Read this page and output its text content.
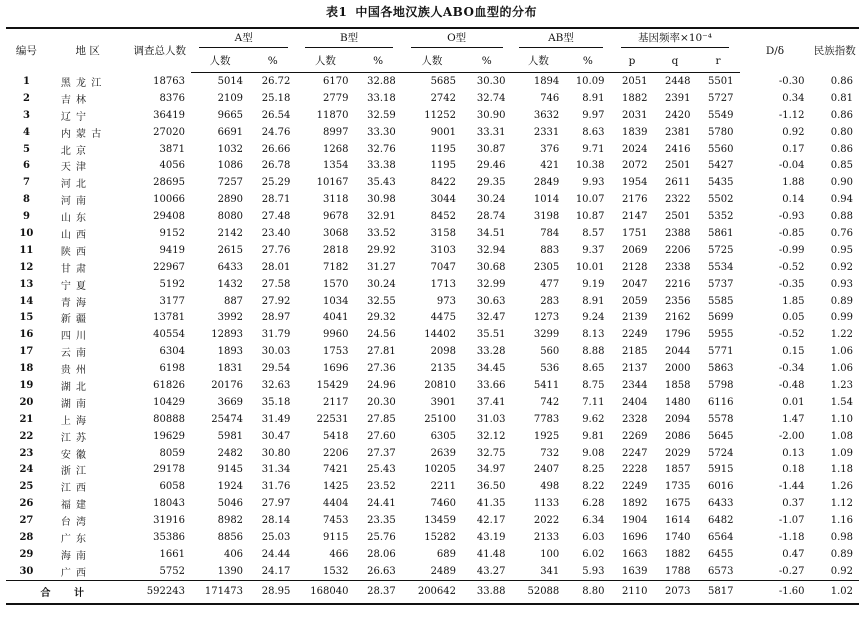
表1 中国各地汉族人ABO血型的分布
编号	地 区	调查总人数	A型		B型		O型		AB型		基因频率×10⁻⁴			D/δ	民族指数
			人数	%	人数	%	人数	%	人数	%	p	q	r		
1	黑 龙 江	18763	5014	26.72	6170	32.88	5685	30.30	1894	10.09	2051	2448	5501	-0.30	0.86
2	吉 林	8376	2109	25.18	2779	33.18	2742	32.74	746	8.91	1882	2391	5727	0.34	0.81
3	辽 宁	36419	9665	26.54	11870	32.59	11252	30.90	3632	9.97	2031	2420	5549	-1.12	0.86
4	内 蒙 古	27020	6691	24.76	8997	33.30	9001	33.31	2331	8.63	1839	2381	5780	0.92	0.80
5	北 京	3871	1032	26.66	1268	32.76	1195	30.87	376	9.71	2024	2416	5560	0.17	0.86
6	天 津	4056	1086	26.78	1354	33.38	1195	29.46	421	10.38	2072	2501	5427	-0.04	0.85
7	河 北	28695	7257	25.29	10167	35.43	8422	29.35	2849	9.93	1954	2611	5435	1.88	0.90
8	河 南	10066	2890	28.71	3118	30.98	3044	30.24	1014	10.07	2176	2322	5502	0.14	0.94
9	山 东	29408	8080	27.48	9678	32.91	8452	28.74	3198	10.87	2147	2501	5352	-0.93	0.88
10	山 西	9152	2142	23.40	3068	33.52	3158	34.51	784	8.57	1751	2388	5861	-0.85	0.76
11	陕 西	9419	2615	27.76	2818	29.92	3103	32.94	883	9.37	2069	2206	5725	-0.99	0.95
12	甘 肃	22967	6433	28.01	7182	31.27	7047	30.68	2305	10.01	2128	2338	5534	-0.52	0.92
13	宁 夏	5192	1432	27.58	1570	30.24	1713	32.99	477	9.19	2047	2216	5737	-0.35	0.93
14	青 海	3177	887	27.92	1034	32.55	973	30.63	283	8.91	2059	2356	5585	1.85	0.89
15	新 疆	13781	3992	28.97	4041	29.32	4475	32.47	1273	9.24	2139	2162	5699	0.05	0.99
16	四 川	40554	12893	31.79	9960	24.56	14402	35.51	3299	8.13	2249	1796	5955	-0.52	1.22
17	云 南	6304	1893	30.03	1753	27.81	2098	33.28	560	8.88	2185	2044	5771	0.15	1.06
18	贵 州	6198	1831	29.54	1696	27.36	2135	34.45	536	8.65	2137	2000	5863	-0.34	1.06
19	湖 北	61826	20176	32.63	15429	24.96	20810	33.66	5411	8.75	2344	1858	5798	-0.48	1.23
20	湖 南	10429	3669	35.18	2117	20.30	3901	37.41	742	7.11	2404	1480	6116	0.01	1.54
21	上 海	80888	25474	31.49	22531	27.85	25100	31.03	7783	9.62	2328	2094	5578	1.47	1.10
22	江 苏	19629	5981	30.47	5418	27.60	6305	32.12	1925	9.81	2269	2086	5645	-2.00	1.08
23	安 徽	8059	2482	30.80	2206	27.37	2639	32.75	732	9.08	2247	2029	5724	0.13	1.09
24	浙 江	29178	9145	31.34	7421	25.43	10205	34.97	2407	8.25	2228	1857	5915	0.18	1.18
25	江 西	6058	1924	31.76	1425	23.52	2211	36.50	498	8.22	2249	1735	6016	-1.44	1.26
26	福 建	18043	5046	27.97	4404	24.41	7460	41.35	1133	6.28	1892	1675	6433	0.37	1.12
27	台 湾	31916	8982	28.14	7453	23.35	13459	42.17	2022	6.34	1904	1614	6482	-1.07	1.16
28	广 东	35386	8856	25.03	9115	25.76	15282	43.19	2133	6.03	1696	1740	6564	-1.18	0.98
29	海 南	1661	406	24.44	466	28.06	689	41.48	100	6.02	1663	1882	6455	0.47	0.89
30	广 西	5752	1390	24.17	1532	26.63	2489	43.27	341	5.93	1639	1788	6573	-0.27	0.92
合 计		592243	171473	28.95	168040	28.37	200642	33.88	52088	8.80	2110	2073	5817	-1.60	1.02
